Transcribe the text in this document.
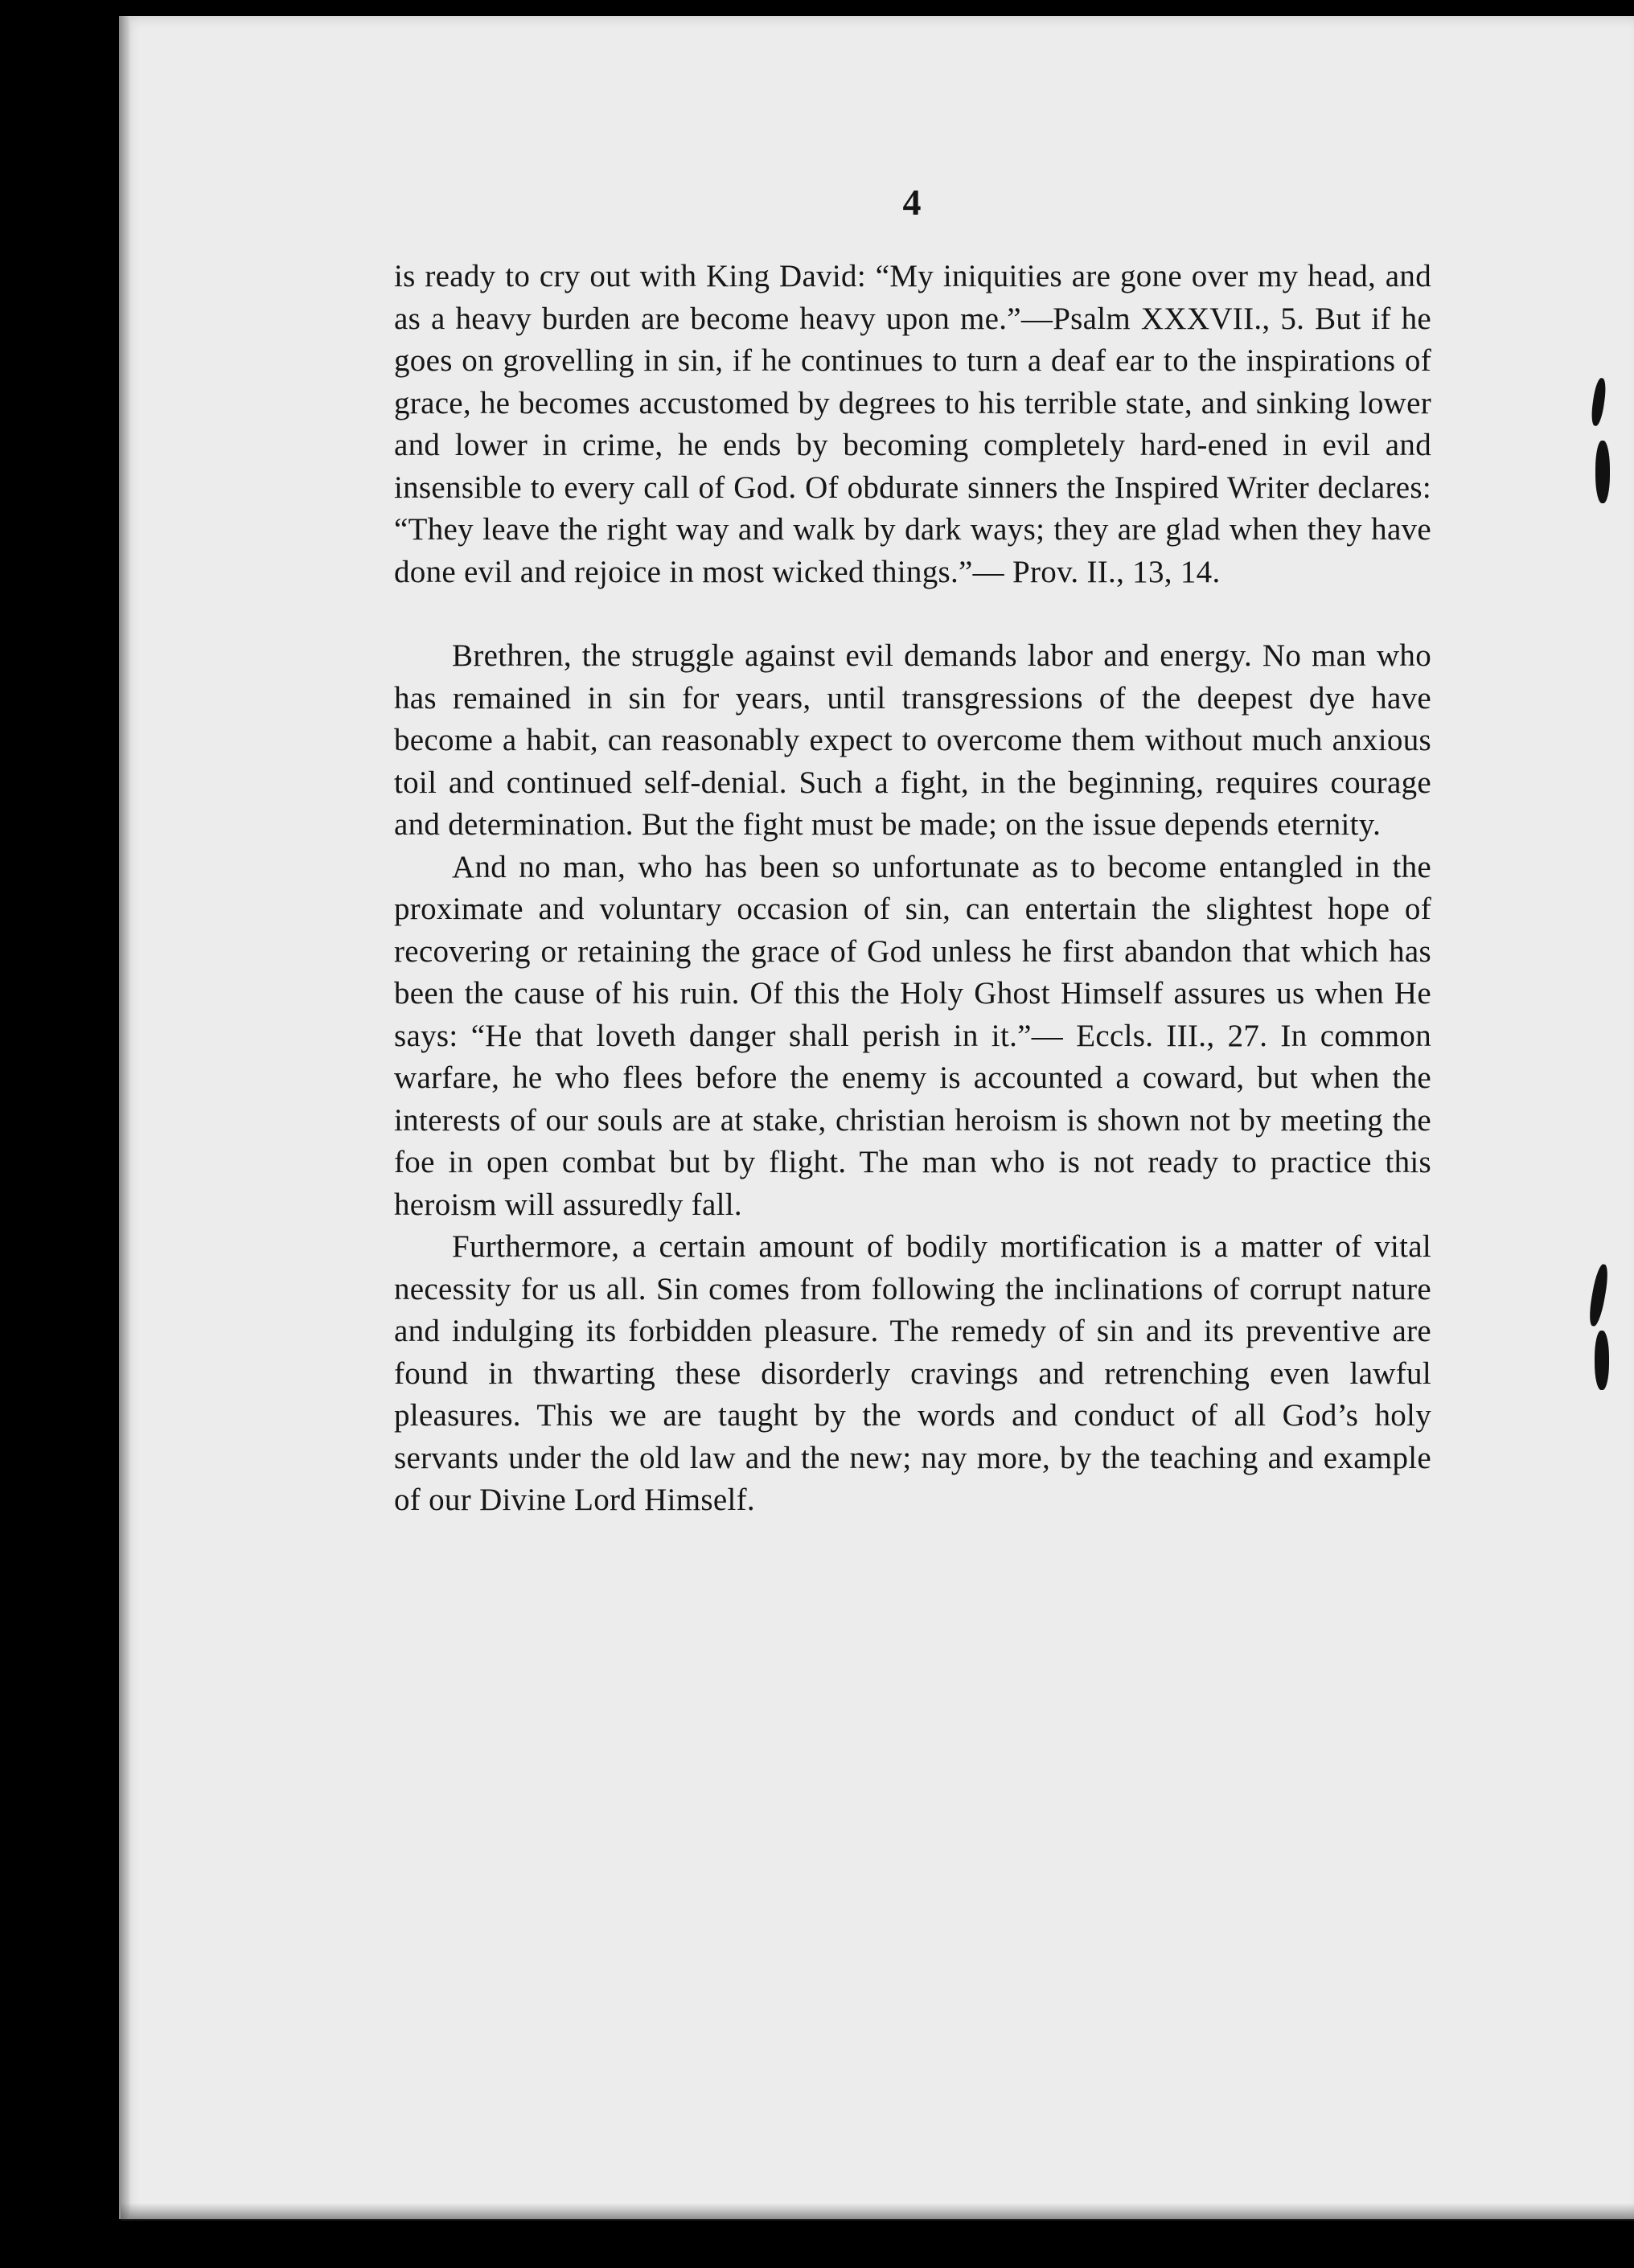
4

is ready to cry out with King David: “My iniquities are gone over my head, and as a heavy burden are become heavy upon me.”—Psalm XXXVII., 5. But if he goes on grovelling in sin, if he continues to turn a deaf ear to the inspirations of grace, he becomes accustomed by degrees to his terrible state, and sinking lower and lower in crime, he ends by becoming completely hard-ened in evil and insensible to every call of God. Of obdurate sinners the Inspired Writer declares: “They leave the right way and walk by dark ways; they are glad when they have done evil and rejoice in most wicked things.”— Prov. II., 13, 14.

Brethren, the struggle against evil demands labor and energy. No man who has remained in sin for years, until transgressions of the deepest dye have become a habit, can reasonably expect to overcome them without much anxious toil and continued self-denial. Such a fight, in the beginning, requires courage and determination. But the fight must be made; on the issue depends eternity.

And no man, who has been so unfortunate as to become entangled in the proximate and voluntary occasion of sin, can entertain the slightest hope of recovering or retaining the grace of God unless he first abandon that which has been the cause of his ruin. Of this the Holy Ghost Himself assures us when He says: “He that loveth danger shall perish in it.”— Eccls. III., 27. In common warfare, he who flees before the enemy is accounted a coward, but when the interests of our souls are at stake, christian heroism is shown not by meeting the foe in open combat but by flight. The man who is not ready to practice this heroism will assuredly fall.

Furthermore, a certain amount of bodily mortification is a matter of vital necessity for us all. Sin comes from following the inclinations of corrupt nature and indulging its forbidden pleasure. The remedy of sin and its preventive are found in thwarting these disorderly cravings and retrenching even lawful pleasures. This we are taught by the words and conduct of all God’s holy servants under the old law and the new; nay more, by the teaching and example of our Divine Lord Himself.
